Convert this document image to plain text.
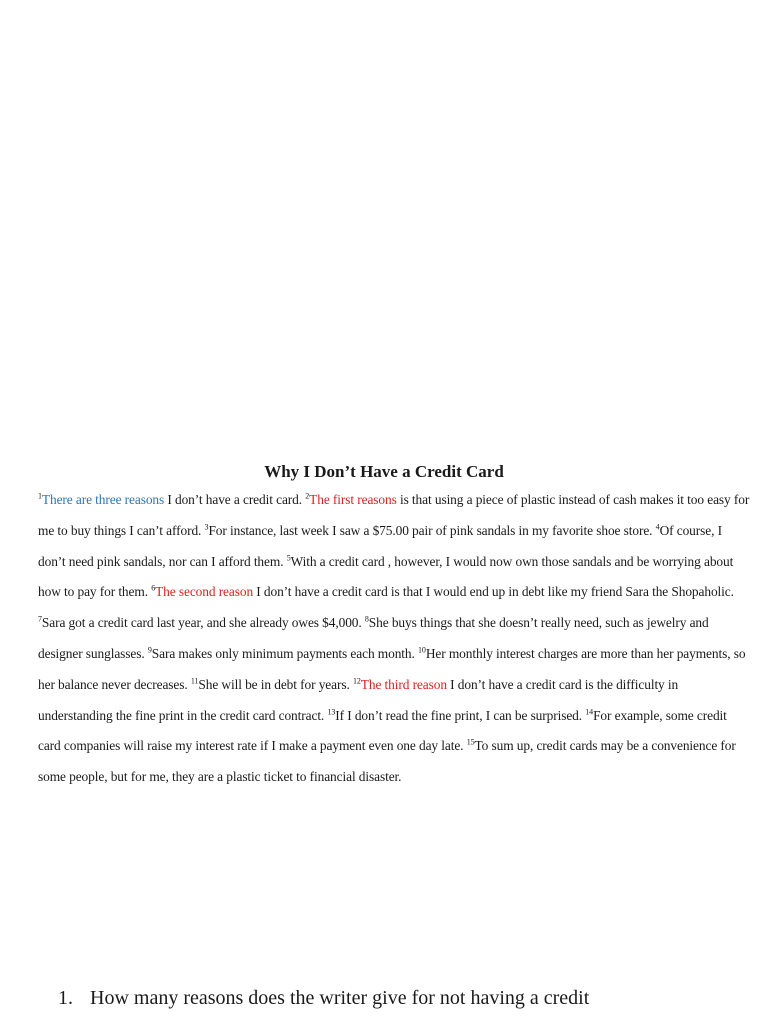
Why I Don’t Have a Credit Card

$^1$There are three reasons I don’t have a credit card. $^2$The first reasons is that using a piece of plastic instead of cash makes it too easy for me to buy things I can’t afford. $^3$For instance, last week I saw a $75.00 pair of pink sandals in my favorite shoe store. $^4$Of course, I don’t need pink sandals, nor can I afford them. $^5$With a credit card , however, I would now own those sandals and be worrying about how to pay for them. $^6$The second reason I don’t have a credit card is that I would end up in debt like my friend Sara the Shopaholic. $^7$Sara got a credit card last year, and she already owes $4,000. $^8$She buys things that she doesn’t really need, such as jewelry and designer sunglasses. $^9$Sara makes only minimum payments each month. $^{10}$Her monthly interest charges are more than her payments, so her balance never decreases. $^{11}$She will be in debt for years. $^{12}$The third reason I don’t have a credit card is the difficulty in understanding the fine print in the credit card contract. $^{13}$If I don’t read the fine print, I can be surprised. $^{14}$For example, some credit card companies will raise my interest rate if I make a payment even one day late. $^{15}$To sum up, credit cards may be a convenience for some people, but for me, they are a plastic ticket to financial disaster.

1. How many reasons does the writer give for not having a credit
